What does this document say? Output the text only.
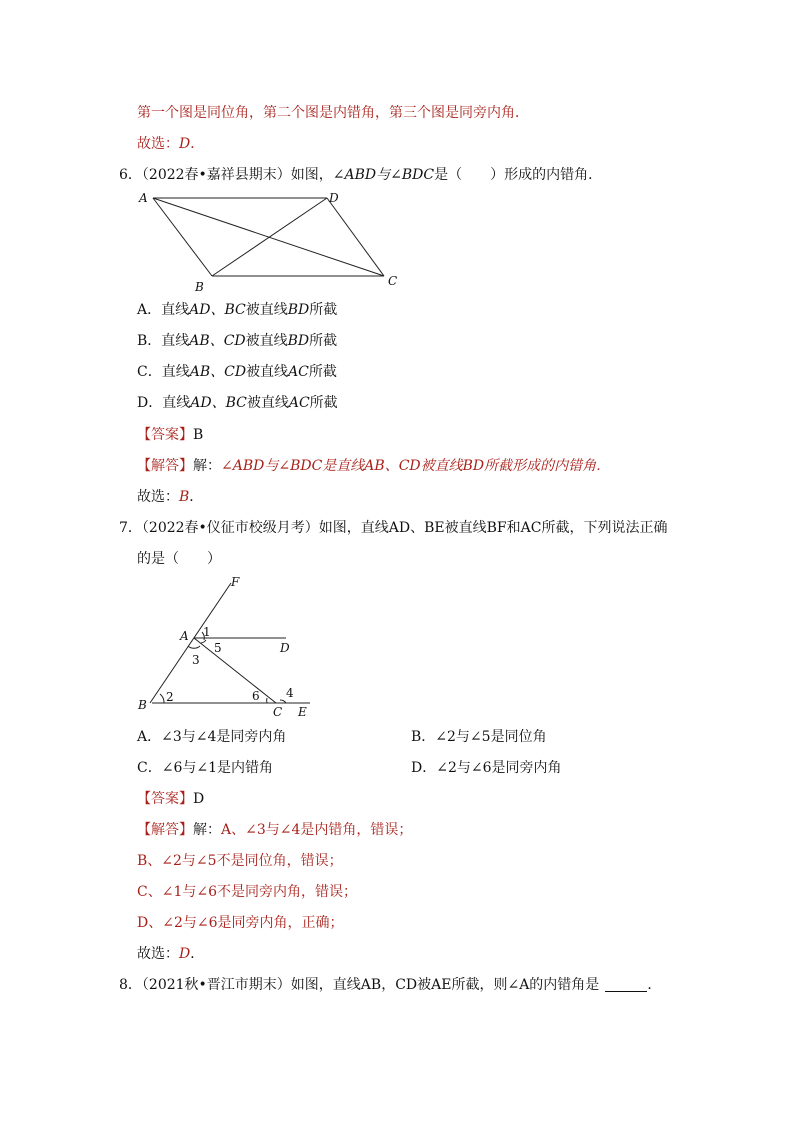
第一个图是同位角，第二个图是内错角，第三个图是同旁内角．
故选：D．
6．（2022春•嘉祥县期末）如图，∠ABD与∠BDC是（　　）形成的内错角．
A	D
B	C
A．直线AD、BC被直线BD所截
B．直线AB、CD被直线BD所截
C．直线AB、CD被直线AC所截
D．直线AD、BC被直线AC所截
【答案】B
【解答】解：∠ABD与∠BDC是直线AB、CD被直线BD所截形成的内错角．
故选：B．
7．（2022春•仪征市校级月考）如图，直线AD、BE被直线BF和AC所截，下列说法正确
的是（　　）
F
A
D
B	C E
1
2
3
4
5
6
A．∠3与∠4是同旁内角	B．∠2与∠5是同位角
C．∠6与∠1是内错角	D．∠2与∠6是同旁内角
【答案】D
【解答】解：A、∠3与∠4是内错角，错误；
B、∠2与∠5不是同位角，错误；
C、∠1与∠6不是同旁内角，错误；
D、∠2与∠6是同旁内角，正确；
故选：D．
8．（2021秋•晋江市期末）如图，直线AB，CD被AE所截，则∠A的内错角是	．
